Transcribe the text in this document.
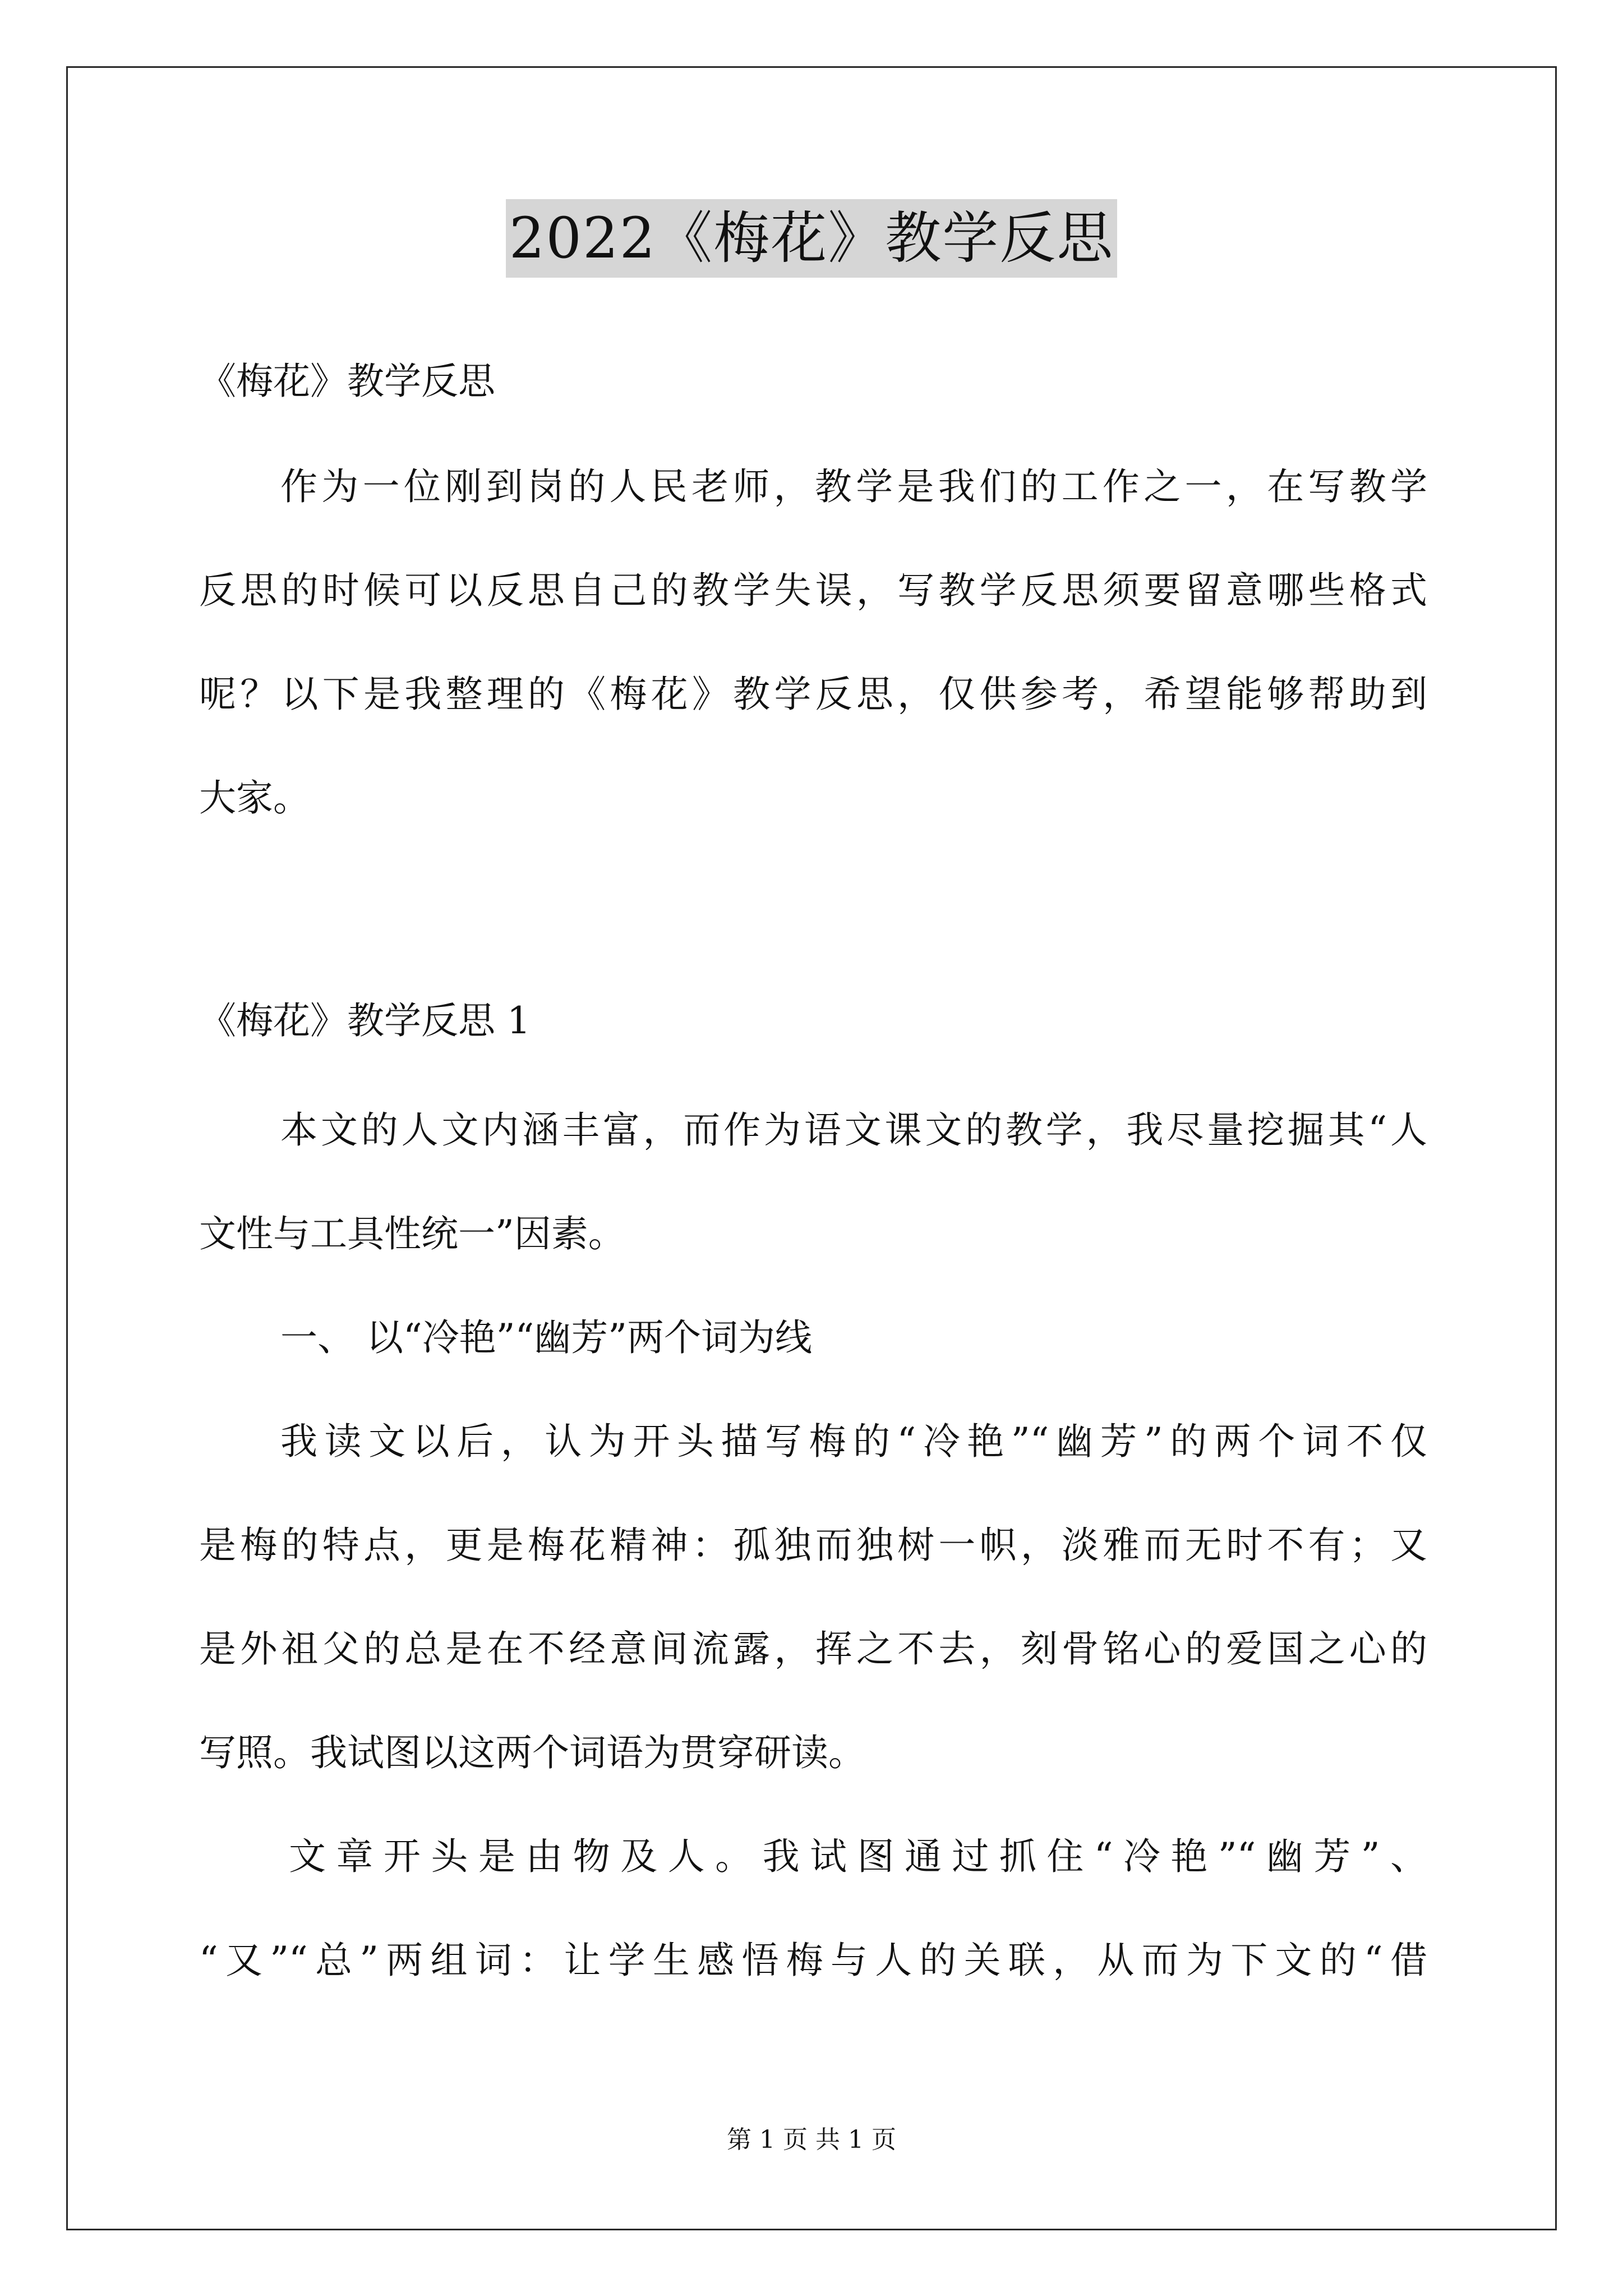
2022《梅花》教学反思
《梅花》教学反思
作为一位刚到岗的人民老师，教学是我们的工作之一，在写教学
反思的时候可以反思自己的教学失误，写教学反思须要留意哪些格式
呢？以下是我整理的《梅花》教学反思，仅供参考，希望能够帮助到
大家。
《梅花》教学反思 1
本文的人文内涵丰富，而作为语文课文的教学，我尽量挖掘其“人
文性与工具性统一”因素。
一、 以“冷艳”“幽芳”两个词为线
我读文以后，认为开头描写梅的“冷艳”“幽芳”的两个词不仅
是梅的特点，更是梅花精神：孤独而独树一帜，淡雅而无时不有；又
是外祖父的总是在不经意间流露，挥之不去，刻骨铭心的爱国之心的
写照。我试图以这两个词语为贯穿研读。
文章开头是由物及人。我试图通过抓住“冷艳”“幽芳”、
“又”“总”两组词：让学生感悟梅与人的关联，从而为下文的“借
第 1 页 共 1 页
